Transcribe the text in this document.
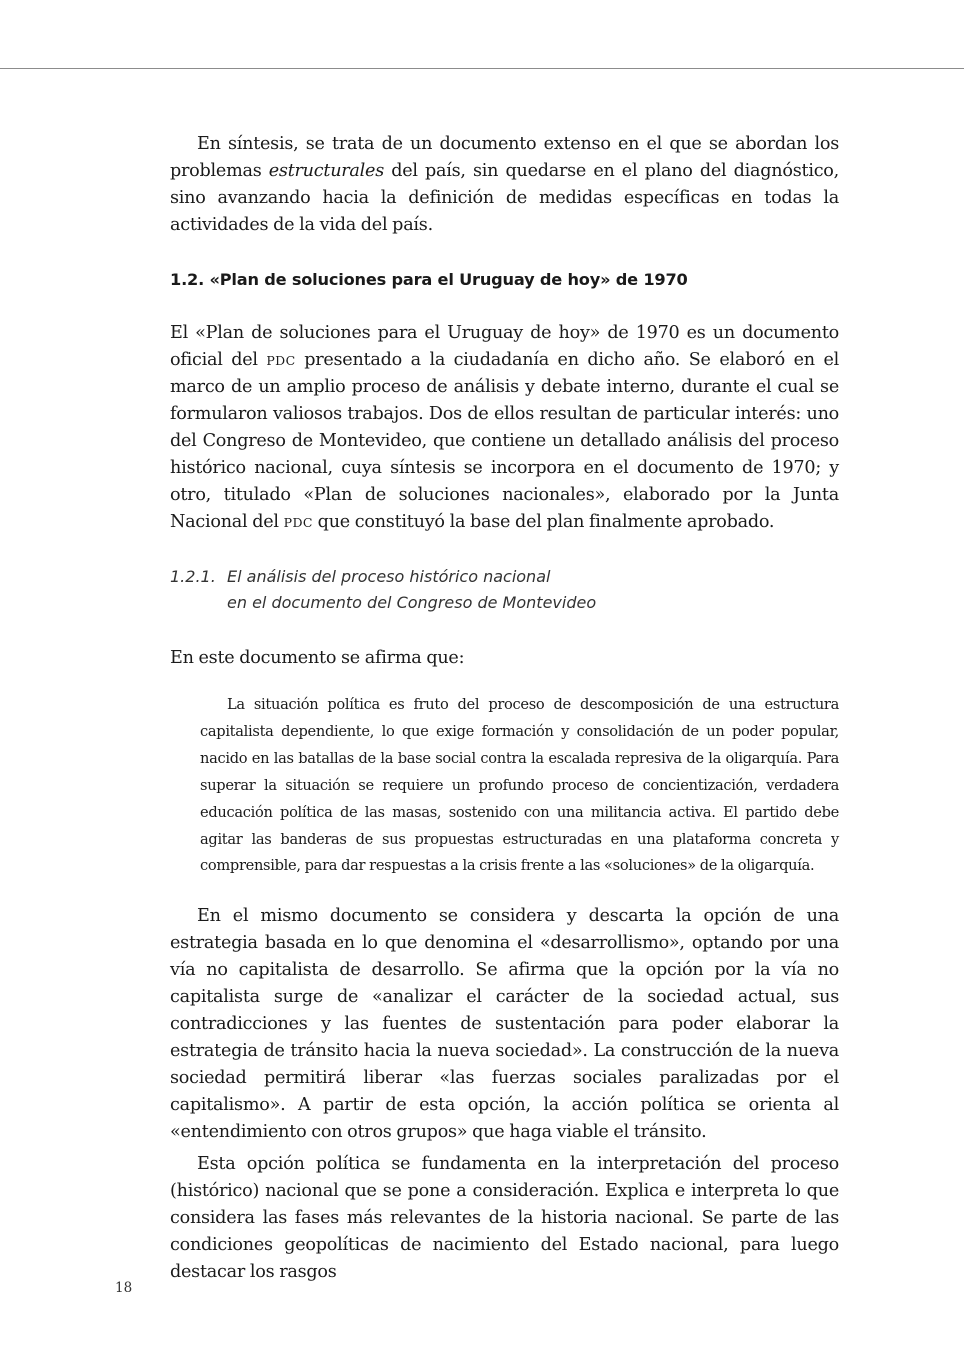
En síntesis, se trata de un documento extenso en el que se abordan los problemas estructurales del país, sin quedarse en el plano del diagnóstico, sino avanzando hacia la definición de medidas específicas en todas la actividades de la vida del país.

1.2. «Plan de soluciones para el Uruguay de hoy» de 1970

El «Plan de soluciones para el Uruguay de hoy» de 1970 es un documento oficial del PDC presentado a la ciudadanía en dicho año. Se elaboró en el marco de un amplio proceso de análisis y debate interno, durante el cual se formularon valiosos trabajos. Dos de ellos resultan de particular interés: uno del Congreso de Montevideo, que contiene un detallado análisis del proceso histórico nacional, cuya síntesis se incorpora en el documento de 1970; y otro, titulado «Plan de soluciones nacionales», elaborado por la Junta Nacional del PDC que constituyó la base del plan finalmente aprobado.

1.2.1. El análisis del proceso histórico nacional
en el documento del Congreso de Montevideo

En este documento se afirma que:

La situación política es fruto del proceso de descomposición de una estructura capitalista dependiente, lo que exige formación y consolidación de un poder popular, nacido en las batallas de la base social contra la escalada represiva de la oligarquía. Para superar la situación se requiere un profundo proceso de concientización, verdadera educación política de las masas, sostenido con una militancia activa. El partido debe agitar las banderas de sus propuestas estructuradas en una plataforma concreta y comprensible, para dar respuestas a la crisis frente a las «soluciones» de la oligarquía.

En el mismo documento se considera y descarta la opción de una estrategia basada en lo que denomina el «desarrollismo», optando por una vía no capitalista de desarrollo. Se afirma que la opción por la vía no capitalista surge de «analizar el carácter de la sociedad actual, sus contradicciones y las fuentes de sustentación para poder elaborar la estrategia de tránsito hacia la nueva sociedad». La construcción de la nueva sociedad permitirá liberar «las fuerzas sociales paralizadas por el capitalismo». A partir de esta opción, la acción política se orienta al «entendimiento con otros grupos» que haga viable el tránsito.

Esta opción política se fundamenta en la interpretación del proceso (histórico) nacional que se pone a consideración. Explica e interpreta lo que considera las fases más relevantes de la historia nacional. Se parte de las condiciones geopolíticas de nacimiento del Estado nacional, para luego destacar los rasgos

18
